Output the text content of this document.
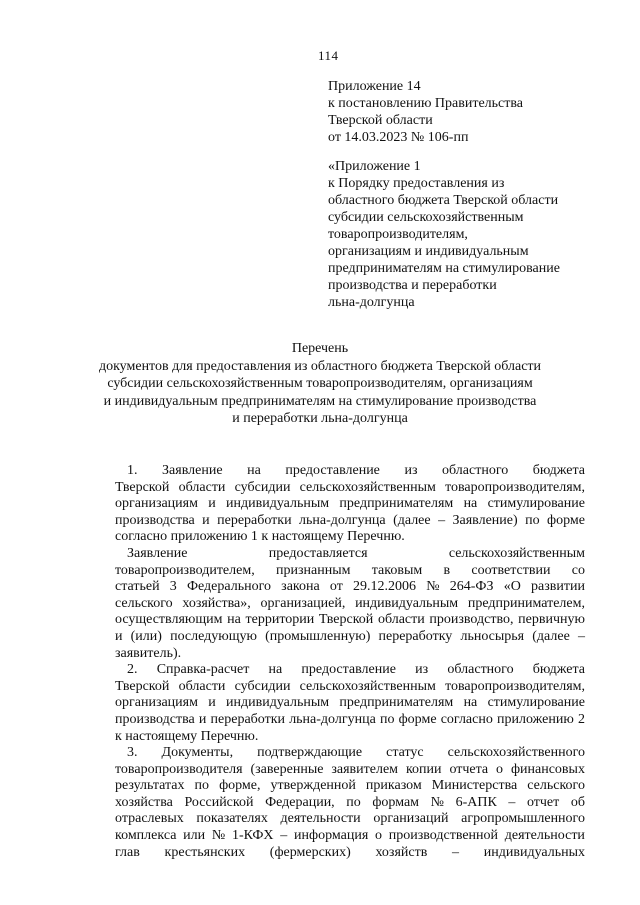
114
Приложение 14
к постановлению Правительства
Тверской области
от 14.03.2023 № 106-пп
«Приложение 1
к Порядку предоставления из
областного бюджета Тверской области
субсидии сельскохозяйственным
товаропроизводителям,
организациям и индивидуальным
предпринимателям на стимулирование
производства и переработки
льна-долгунца
Перечень
документов для предоставления из областного бюджета Тверской области
субсидии сельскохозяйственным товаропроизводителям, организациям
и индивидуальным предпринимателям на стимулирование производства
и переработки льна-долгунца
1. Заявление на предоставление из областного бюджета
Тверской области субсидии сельскохозяйственным товаропроизводителям,
организациям и индивидуальным предпринимателям на стимулирование
производства и переработки льна-долгунца (далее – Заявление) по форме
согласно приложению 1 к настоящему Перечню.
Заявление	предоставляется	сельскохозяйственным
товаропроизводителем, признанным таковым в соответствии со
статьей 3 Федерального закона от 29.12.2006 № 264-ФЗ «О развитии
сельского хозяйства», организацией, индивидуальным предпринимателем,
осуществляющим на территории Тверской области производство, первичную
и (или) последующую (промышленную) переработку льносырья (далее –
заявитель).
2. Справка-расчет на предоставление из областного бюджета
Тверской области субсидии сельскохозяйственным товаропроизводителям,
организациям и индивидуальным предпринимателям на стимулирование
производства и переработки льна-долгунца по форме согласно приложению 2
к настоящему Перечню.
3. Документы, подтверждающие статус сельскохозяйственного
товаропроизводителя (заверенные заявителем копии отчета о финансовых
результатах по форме, утвержденной приказом Министерства сельского
хозяйства Российской Федерации, по формам № 6-АПК – отчет об
отраслевых показателях деятельности организаций агропромышленного
комплекса или № 1-КФХ – информация о производственной деятельности
глав крестьянских (фермерских) хозяйств – индивидуальных
